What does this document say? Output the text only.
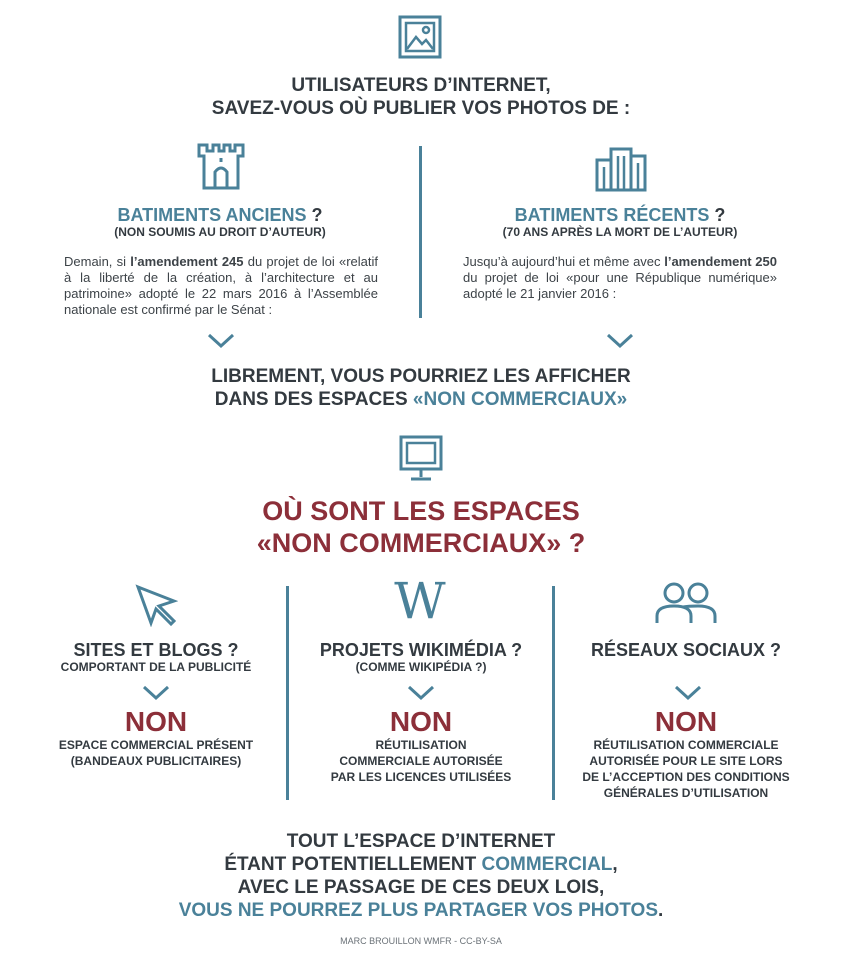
UTILISATEURS D’INTERNET,
SAVEZ-VOUS OÙ PUBLIER VOS PHOTOS DE :
BATIMENTS ANCIENS ?
(NON SOUMIS AU DROIT D’AUTEUR)
Demain, si l’amendement 245 du projet de loi «relatif à la liberté de la création, à l’architecture et au patrimoine» adopté le 22 mars 2016 à l’Assemblée nationale est confirmé par le Sénat :
BATIMENTS RÉCENTS ?
(70 ANS APRÈS LA MORT DE L’AUTEUR)
Jusqu’à aujourd’hui et même avec l’amendement 250 du projet de loi «pour une République numérique» adopté le 21 janvier 2016 :
LIBREMENT, VOUS POURRIEZ LES AFFICHER
DANS DES ESPACES «NON COMMERCIAUX»
OÙ SONT LES ESPACES
«NON COMMERCIAUX» ?
SITES ET BLOGS ?
COMPORTANT DE LA PUBLICITÉ
NON
ESPACE COMMERCIAL PRÉSENT
(BANDEAUX PUBLICITAIRES)
W
PROJETS WIKIMÉDIA ?
(COMME WIKIPÉDIA ?)
NON
RÉUTILISATION
COMMERCIALE AUTORISÉE
PAR LES LICENCES UTILISÉES
RÉSEAUX SOCIAUX ?
NON
RÉUTILISATION COMMERCIALE
AUTORISÉE POUR LE SITE LORS
DE L’ACCEPTION DES CONDITIONS
GÉNÉRALES D’UTILISATION
TOUT L’ESPACE D’INTERNET
ÉTANT POTENTIELLEMENT COMMERCIAL,
AVEC LE PASSAGE DE CES DEUX LOIS,
VOUS NE POURREZ PLUS PARTAGER VOS PHOTOS.
MARC BROUILLON WMFR - CC-BY-SA
